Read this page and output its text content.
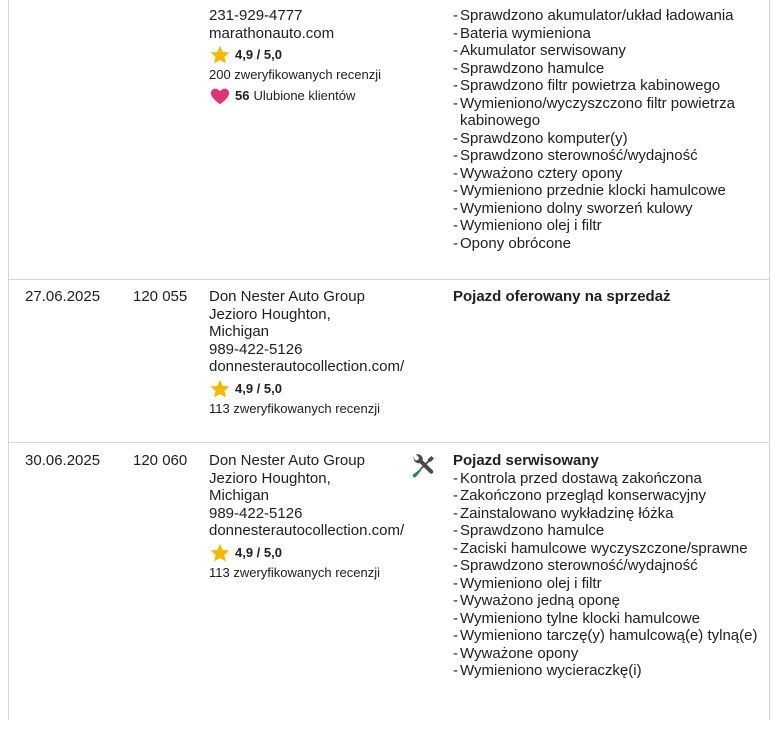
231-929-4777
marathonauto.com
4,9 / 5,0
200 zweryfikowanych recenzji
56 Ulubione klientów
- Sprawdzono akumulator/układ ładowania
- Bateria wymieniona
- Akumulator serwisowany
- Sprawdzono hamulce
- Sprawdzono filtr powietrza kabinowego
- Wymieniono/wyczyszczono filtr powietrza kabinowego
- Sprawdzono komputer(y)
- Sprawdzono sterowność/wydajność
- Wyważono cztery opony
- Wymieniono przednie klocki hamulcowe
- Wymieniono dolny sworzeń kulowy
- Wymieniono olej i filtr
- Opony obrócone
27.06.2025 120 055 Don Nester Auto Group
Jezioro Houghton,
Michigan
989-422-5126
donnesterautocollection.com/
4,9 / 5,0
113 zweryfikowanych recenzji
Pojazd oferowany na sprzedaż
30.06.2025 120 060 Don Nester Auto Group
Jezioro Houghton,
Michigan
989-422-5126
donnesterautocollection.com/
4,9 / 5,0
113 zweryfikowanych recenzji
Pojazd serwisowany
- Kontrola przed dostawą zakończona
- Zakończono przegląd konserwacyjny
- Zainstalowano wykładzinę łóżka
- Sprawdzono hamulce
- Zaciski hamulcowe wyczyszczone/sprawne
- Sprawdzono sterowność/wydajność
- Wymieniono olej i filtr
- Wyważono jedną oponę
- Wymieniono tylne klocki hamulcowe
- Wymieniono tarczę(y) hamulcową(e) tylną(e)
- Wyważone opony
- Wymieniono wycieraczkę(i)
